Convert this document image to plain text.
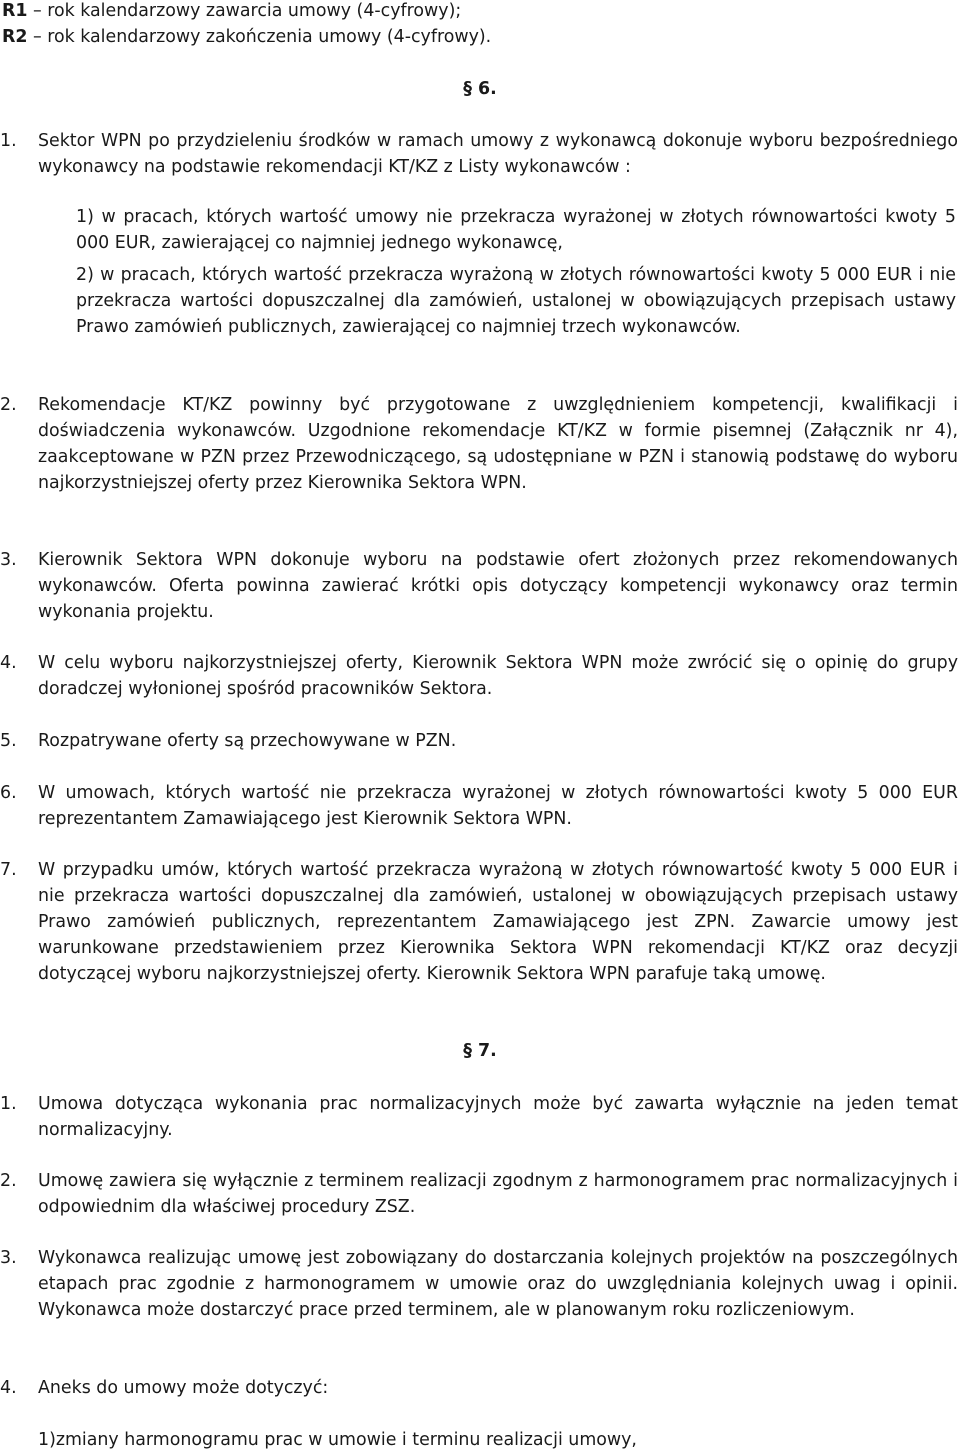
R1 – rok kalendarzowy zawarcia umowy (4-cyfrowy);
R2 – rok kalendarzowy zakończenia umowy (4-cyfrowy).
§ 6.
1. Sektor WPN po przydzieleniu środków w ramach umowy z wykonawcą dokonuje wyboru bezpośredniego wykonawcy na podstawie rekomendacji KT/KZ z Listy wykonawców :
1) w pracach, których wartość umowy nie przekracza wyrażonej w złotych równowartości kwoty 5 000 EUR, zawierającej co najmniej jednego wykonawcę,
2) w pracach, których wartość przekracza wyrażoną w złotych równowartości kwoty 5 000 EUR i nie przekracza wartości dopuszczalnej dla zamówień, ustalonej w obowiązujących przepisach ustawy Prawo zamówień publicznych, zawierającej co najmniej trzech wykonawców.
2. Rekomendacje KT/KZ powinny być przygotowane z uwzględnieniem kompetencji, kwalifikacji i doświadczenia wykonawców. Uzgodnione rekomendacje KT/KZ w formie pisemnej (Załącznik nr 4), zaakceptowane w PZN przez Przewodniczącego, są udostępniane w PZN i stanowią podstawę do wyboru najkorzystniejszej oferty przez Kierownika Sektora WPN.
3. Kierownik Sektora WPN dokonuje wyboru na podstawie ofert złożonych przez rekomendowanych wykonawców. Oferta powinna zawierać krótki opis dotyczący kompetencji wykonawcy oraz termin wykonania projektu.
4. W celu wyboru najkorzystniejszej oferty, Kierownik Sektora WPN może zwrócić się o opinię do grupy doradczej wyłonionej spośród pracowników Sektora.
5. Rozpatrywane oferty są przechowywane w PZN.
6. W umowach, których wartość nie przekracza wyrażonej w złotych równowartości kwoty 5 000 EUR reprezentantem Zamawiającego jest Kierownik Sektora WPN.
7. W przypadku umów, których wartość przekracza wyrażoną w złotych równowartość kwoty 5 000 EUR i nie przekracza wartości dopuszczalnej dla zamówień, ustalonej w obowiązujących przepisach ustawy Prawo zamówień publicznych, reprezentantem Zamawiającego jest ZPN. Zawarcie umowy jest warunkowane przedstawieniem przez Kierownika Sektora WPN rekomendacji KT/KZ oraz decyzji dotyczącej wyboru najkorzystniejszej oferty. Kierownik Sektora WPN parafuje taką umowę.
§ 7.
1. Umowa dotycząca wykonania prac normalizacyjnych może być zawarta wyłącznie na jeden temat normalizacyjny.
2. Umowę zawiera się wyłącznie z terminem realizacji zgodnym z harmonogramem prac normalizacyjnych i odpowiednim dla właściwej procedury ZSZ.
3. Wykonawca realizując umowę jest zobowiązany do dostarczania kolejnych projektów na poszczególnych etapach prac zgodnie z harmonogramem w umowie oraz do uwzględniania kolejnych uwag i opinii. Wykonawca może dostarczyć prace przed terminem, ale w planowanym roku rozliczeniowym.
4. Aneks do umowy może dotyczyć:
1)zmiany harmonogramu prac w umowie i terminu realizacji umowy,
